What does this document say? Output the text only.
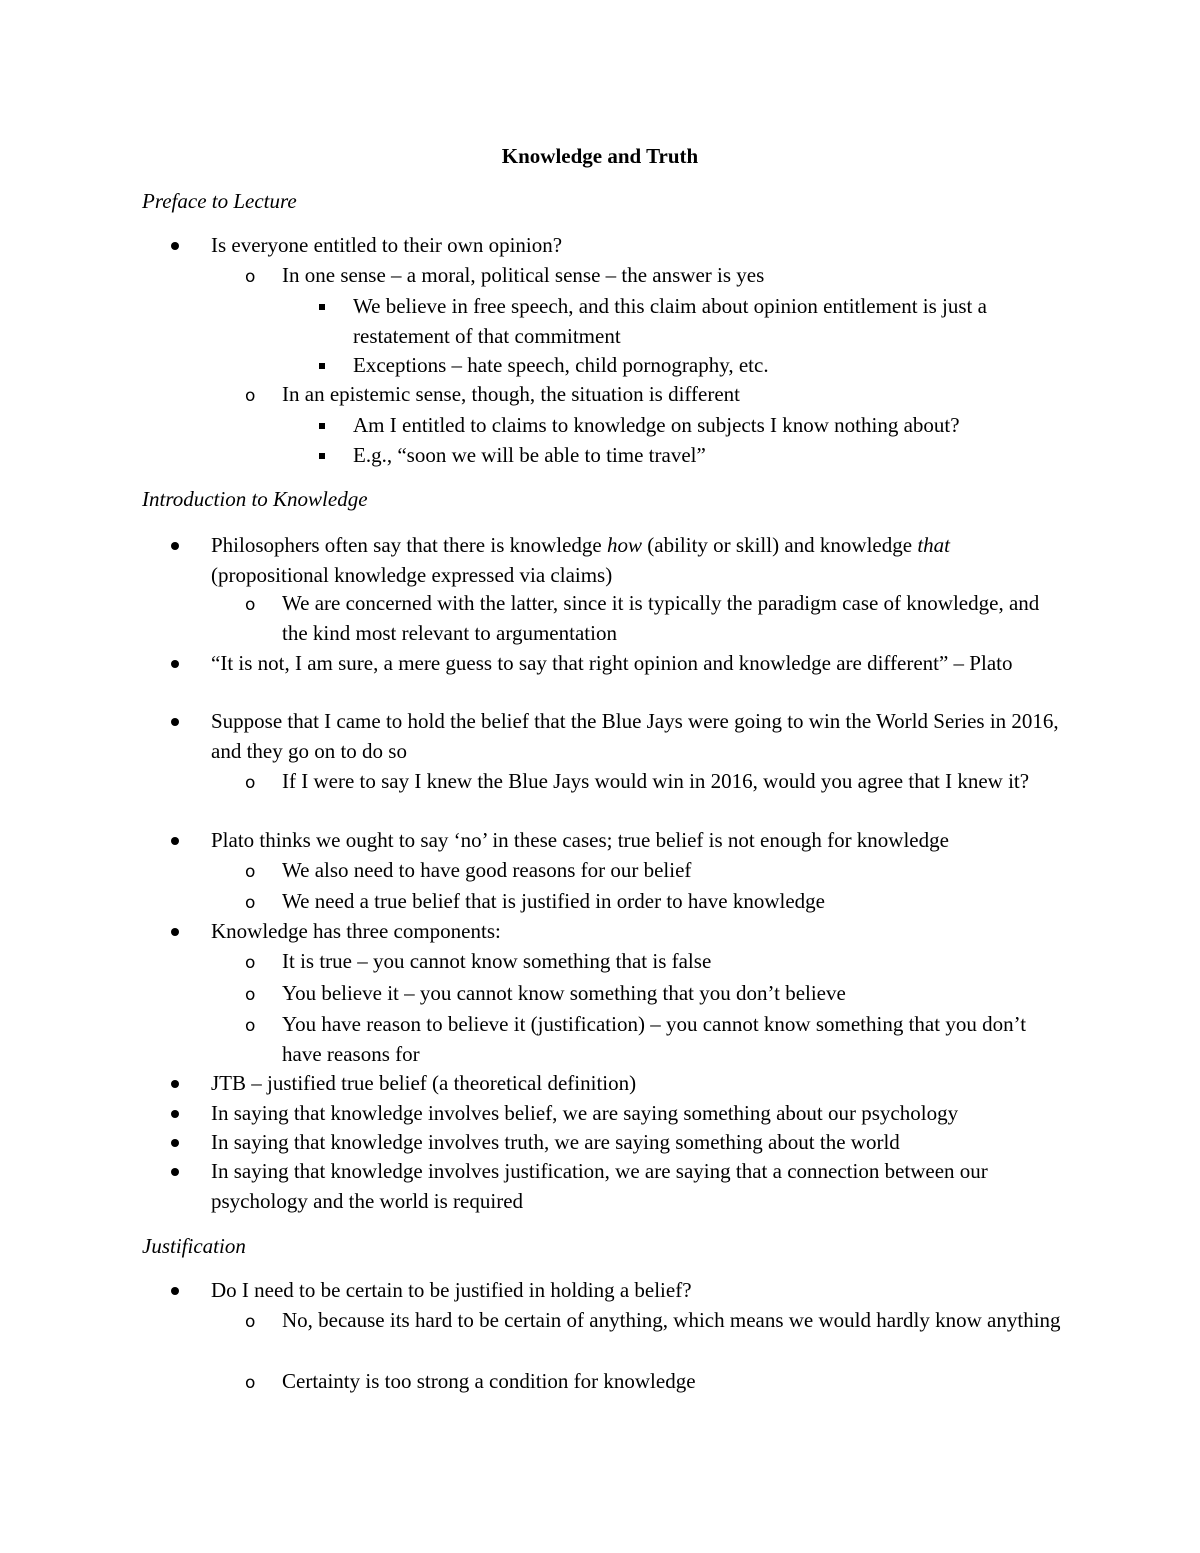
Knowledge and Truth
Preface to Lecture
Is everyone entitled to their own opinion?
o In one sense – a moral, political sense – the answer is yes
We believe in free speech, and this claim about opinion entitlement is just a restatement of that commitment
Exceptions – hate speech, child pornography, etc.
o In an epistemic sense, though, the situation is different
Am I entitled to claims to knowledge on subjects I know nothing about?
E.g., “soon we will be able to time travel”
Introduction to Knowledge
Philosophers often say that there is knowledge how (ability or skill) and knowledge that (propositional knowledge expressed via claims)
o We are concerned with the latter, since it is typically the paradigm case of knowledge, and the kind most relevant to argumentation
“It is not, I am sure, a mere guess to say that right opinion and knowledge are different” – Plato
Suppose that I came to hold the belief that the Blue Jays were going to win the World Series in 2016, and they go on to do so
o If I were to say I knew the Blue Jays would win in 2016, would you agree that I knew it?
Plato thinks we ought to say ‘no’ in these cases; true belief is not enough for knowledge
o We also need to have good reasons for our belief
o We need a true belief that is justified in order to have knowledge
Knowledge has three components:
o It is true – you cannot know something that is false
o You believe it – you cannot know something that you don’t believe
o You have reason to believe it (justification) – you cannot know something that you don’t have reasons for
JTB – justified true belief (a theoretical definition)
In saying that knowledge involves belief, we are saying something about our psychology
In saying that knowledge involves truth, we are saying something about the world
In saying that knowledge involves justification, we are saying that a connection between our psychology and the world is required
Justification
Do I need to be certain to be justified in holding a belief?
o No, because its hard to be certain of anything, which means we would hardly know anything
o Certainty is too strong a condition for knowledge
